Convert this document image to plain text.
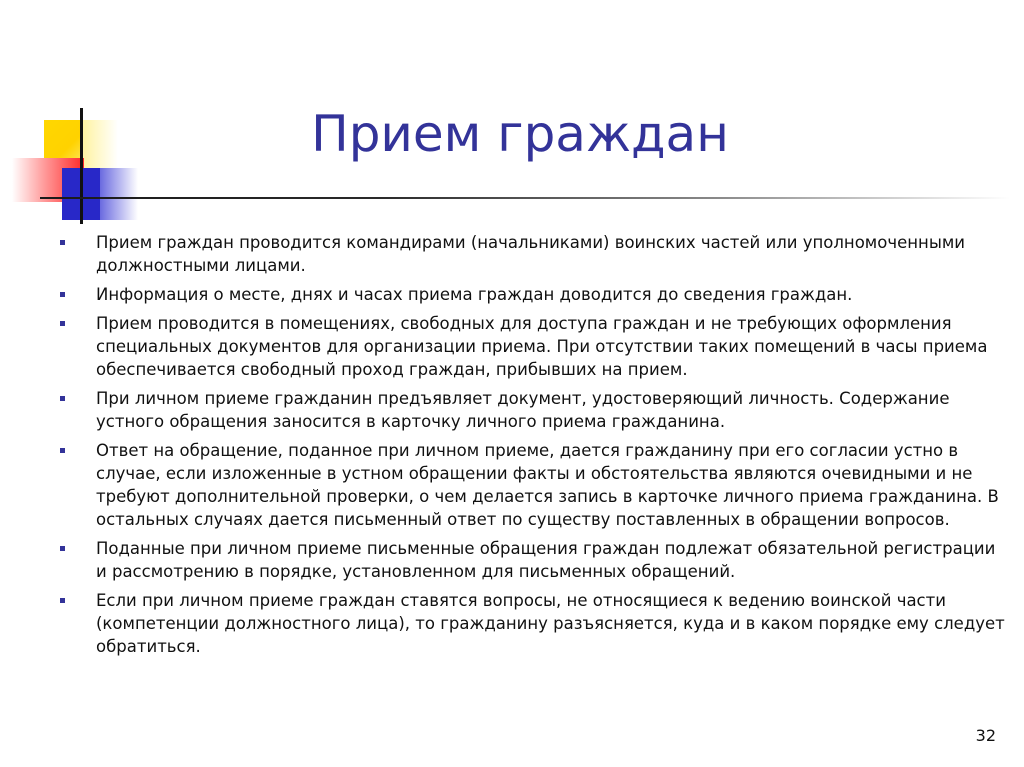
Прием граждан
Прием граждан проводится командирами (начальниками) воинских частей или уполномоченными должностными лицами.
Информация о месте, днях и часах приема граждан доводится до сведения граждан.
Прием проводится в помещениях, свободных для доступа граждан и не требующих оформления специальных документов для организации приема. При отсутствии таких помещений в часы приема обеспечивается свободный проход граждан, прибывших на прием.
При личном приеме гражданин предъявляет документ, удостоверяющий личность. Содержание устного обращения заносится в карточку личного приема гражданина.
Ответ на обращение, поданное при личном приеме, дается гражданину при его согласии устно в случае, если изложенные в устном обращении факты и обстоятельства являются очевидными и не требуют дополнительной проверки, о чем делается запись в карточке личного приема гражданина. В остальных случаях дается письменный ответ по существу поставленных в обращении вопросов.
Поданные при личном приеме письменные обращения граждан подлежат обязательной регистрации и рассмотрению в порядке, установленном для письменных обращений.
Если при личном приеме граждан ставятся вопросы, не относящиеся к ведению воинской части (компетенции должностного лица), то гражданину разъясняется, куда и в каком порядке ему следует обратиться.
32
